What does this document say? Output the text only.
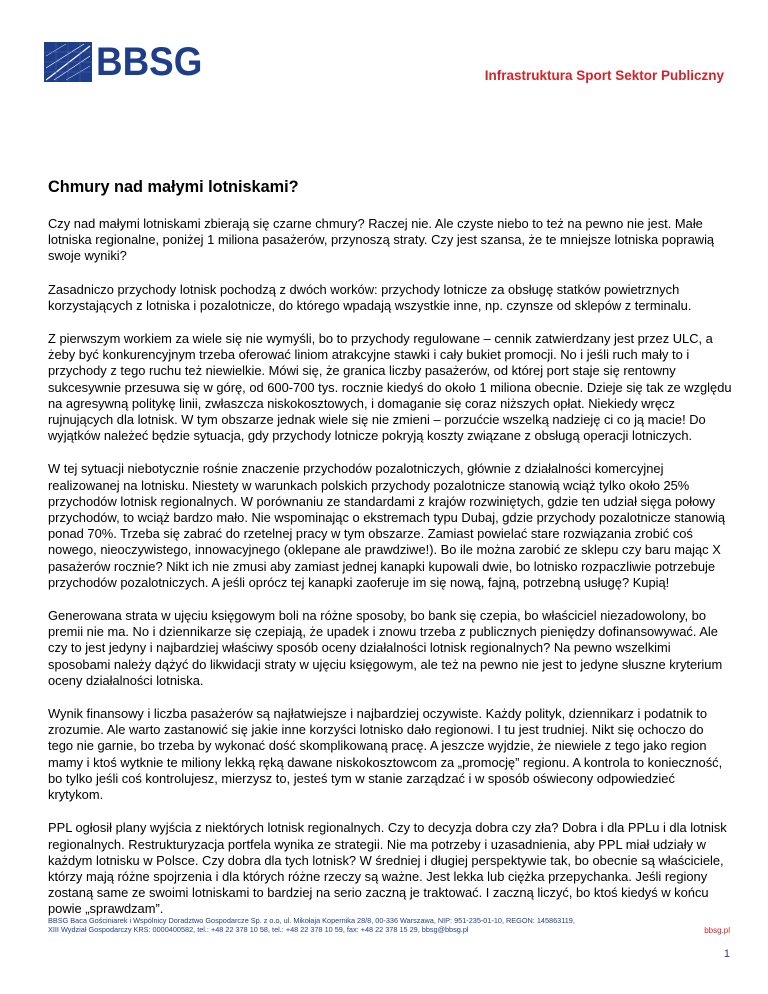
BBSG	Infrastruktura Sport Sektor Publiczny
Chmury nad małymi lotniskami?

Czy nad małymi lotniskami zbierają się czarne chmury? Raczej nie. Ale czyste niebo to też na pewno nie jest. Małe lotniska regionalne, poniżej 1 miliona pasażerów, przynoszą straty. Czy jest szansa, że te mniejsze lotniska poprawią swoje wyniki?

Zasadniczo przychody lotnisk pochodzą z dwóch worków: przychody lotnicze za obsługę statków powietrznych korzystających z lotniska i pozalotnicze, do którego wpadają wszystkie inne, np. czynsze od sklepów z terminalu.

Z pierwszym workiem za wiele się nie wymyśli, bo to przychody regulowane – cennik zatwierdzany jest przez ULC, a żeby być konkurencyjnym trzeba oferować liniom atrakcyjne stawki i cały bukiet promocji. No i jeśli ruch mały to i przychody z tego ruchu też niewielkie. Mówi się, że granica liczby pasażerów, od której port staje się rentowny sukcesywnie przesuwa się w górę, od 600-700 tys. rocznie kiedyś do około 1 miliona obecnie. Dzieje się tak ze względu na agresywną politykę linii, zwłaszcza niskokosztowych, i domaganie się coraz niższych opłat. Niekiedy wręcz rujnujących dla lotnisk. W tym obszarze jednak wiele się nie zmieni – porzućcie wszelką nadzieję ci co ją macie! Do wyjątków należeć będzie sytuacja, gdy przychody lotnicze pokryją koszty związane z obsługą operacji lotniczych.

W tej sytuacji niebotycznie rośnie znaczenie przychodów pozalotniczych, głównie z działalności komercyjnej realizowanej na lotnisku. Niestety w warunkach polskich przychody pozalotnicze stanowią wciąż tylko około 25% przychodów lotnisk regionalnych. W porównaniu ze standardami z krajów rozwiniętych, gdzie ten udział sięga połowy przychodów, to wciąż bardzo mało. Nie wspominając o ekstremach typu Dubaj, gdzie przychody pozalotnicze stanowią ponad 70%. Trzeba się zabrać do rzetelnej pracy w tym obszarze. Zamiast powielać stare rozwiązania zrobić coś nowego, nieoczywistego, innowacyjnego (oklepane ale prawdziwe!). Bo ile można zarobić ze sklepu czy baru mając X pasażerów rocznie? Nikt ich nie zmusi aby zamiast jednej kanapki kupowali dwie, bo lotnisko rozpaczliwie potrzebuje przychodów pozalotniczych. A jeśli oprócz tej kanapki zaoferuje im się nową, fajną, potrzebną usługę? Kupią!

Generowana strata w ujęciu księgowym boli na różne sposoby, bo bank się czepia, bo właściciel niezadowolony, bo premii nie ma. No i dziennikarze się czepiają, że upadek i znowu trzeba z publicznych pieniędzy dofinansowywać. Ale czy to jest jedyny i najbardziej właściwy sposób oceny działalności lotnisk regionalnych? Na pewno wszelkimi sposobami należy dążyć do likwidacji straty w ujęciu księgowym, ale też na pewno nie jest to jedyne słuszne kryterium oceny działalności lotniska.

Wynik finansowy i liczba pasażerów są najłatwiejsze i najbardziej oczywiste. Każdy polityk, dziennikarz i podatnik to zrozumie. Ale warto zastanowić się jakie inne korzyści lotnisko dało regionowi. I tu jest trudniej. Nikt się ochoczo do tego nie garnie, bo trzeba by wykonać dość skomplikowaną pracę. A jeszcze wyjdzie, że niewiele z tego jako region mamy i ktoś wytknie te miliony lekką ręką dawane niskokosztowcom za „promocję” regionu. A kontrola to konieczność, bo tylko jeśli coś kontrolujesz, mierzysz to, jesteś tym w stanie zarządzać i w sposób oświecony odpowiedzieć krytykom.

PPL ogłosił plany wyjścia z niektórych lotnisk regionalnych. Czy to decyzja dobra czy zła? Dobra i dla PPLu i dla lotnisk regionalnych. Restrukturyzacja portfela wynika ze strategii. Nie ma potrzeby i uzasadnienia, aby PPL miał udziały w każdym lotnisku w Polsce. Czy dobra dla tych lotnisk? W średniej i długiej perspektywie tak, bo obecnie są właściciele, którzy mają różne spojrzenia i dla których różne rzeczy są ważne. Jest lekka lub ciężka przepychanka. Jeśli regiony zostaną same ze swoimi lotniskami to bardziej na serio zaczną je traktować. I zaczną liczyć, bo ktoś kiedyś w końcu powie „sprawdzam”.

BBSG Baca Gościniarek i Wspólnicy Doradztwo Gospodarcze Sp. z o.o, ul. Mikołaja Kopernika 28/8, 00-336 Warszawa, NIP: 951-235-01-10, REGON: 145863119,
XIII Wydział Gospodarczy KRS: 0000400582, tel.: +48 22 378 10 58, tel.: +48 22 378 10 59, fax: +48 22 378 15 29, bbsg@bbsg.pl	bbsg.pl
1
